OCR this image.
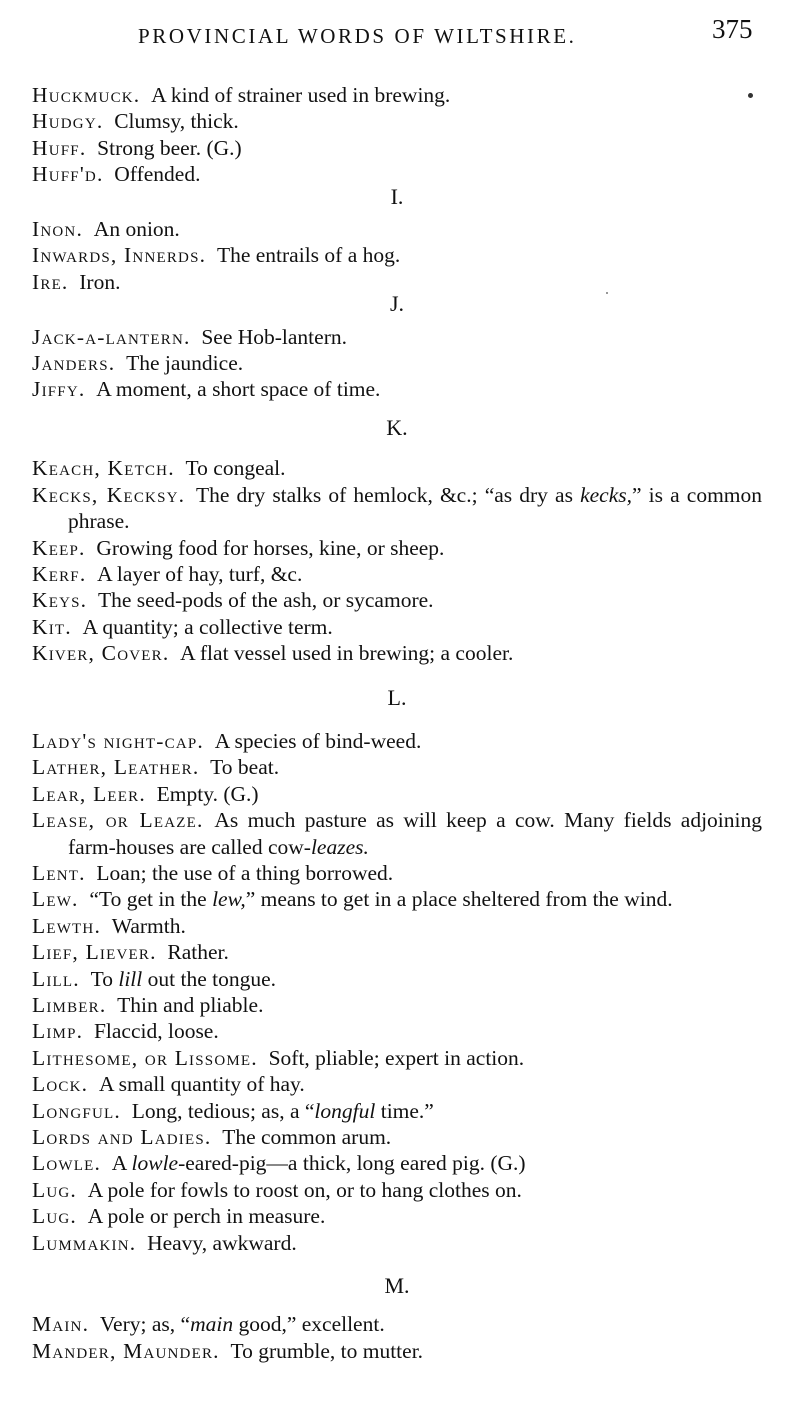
PROVINCIAL WORDS OF WILTSHIRE.	375

Huckmuck.  A kind of strainer used in brewing.

Hudgy.  Clumsy, thick.

Huff.  Strong beer. (G.)

Huff'd.  Offended.

I.

Inon.  An onion.

Inwards, Innerds.  The entrails of a hog.

Ire.  Iron.

J.

Jack-a-lantern.  See Hob-lantern.

Janders.  The jaundice.

Jiffy.  A moment, a short space of time.

K.

Keach, Ketch.  To congeal.

Kecks, Kecksy.  The dry stalks of hemlock, &c.; “as dry as kecks,” is a common phrase.

Keep.  Growing food for horses, kine, or sheep.

Kerf.  A layer of hay, turf, &c.

Keys.  The seed-pods of the ash, or sycamore.

Kit.  A quantity; a collective term.

Kiver, Cover.  A flat vessel used in brewing; a cooler.

L.

Lady's night-cap.  A species of bind-weed.

Lather, Leather.  To beat.

Lear, Leer.  Empty. (G.)

Lease, or Leaze.  As much pasture as will keep a cow. Many fields adjoining farm-houses are called cow-leazes.

Lent.  Loan; the use of a thing borrowed.

Lew.  “To get in the lew,” means to get in a place sheltered from the wind.

Lewth.  Warmth.

Lief, Liever.  Rather.

Lill.  To lill out the tongue.

Limber.  Thin and pliable.

Limp.  Flaccid, loose.

Lithesome, or Lissome.  Soft, pliable; expert in action.

Lock.  A small quantity of hay.

Longful.  Long, tedious; as, a “longful time.”

Lords and Ladies.  The common arum.

Lowle.  A lowle-eared-pig—a thick, long eared pig. (G.)

Lug.  A pole for fowls to roost on, or to hang clothes on.

Lug.  A pole or perch in measure.

Lummakin.  Heavy, awkward.

M.

Main.  Very; as, “main good,” excellent.

Mander, Maunder.  To grumble, to mutter.
